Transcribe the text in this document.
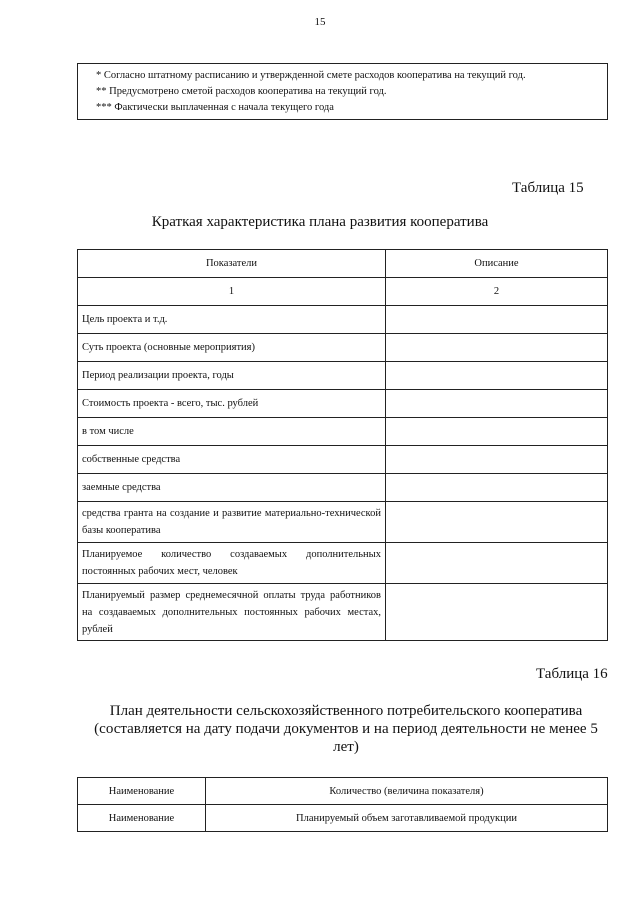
15
* Согласно штатному расписанию и утвержденной смете расходов кооператива на текущий год.
** Предусмотрено сметой расходов кооператива на текущий год.
*** Фактически выплаченная с начала текущего года
Таблица 15
Краткая характеристика плана развития кооператива
Показатели	Описание
1	2
Цель проекта и т.д.	
Суть проекта (основные мероприятия)	
Период реализации проекта, годы	
Стоимость проекта - всего, тыс. рублей	
в том числе	
собственные средства	
заемные средства	
средства гранта на создание и развитие материально-технической базы кооператива	
Планируемое количество создаваемых дополнительных постоянных рабочих мест, человек	
Планируемый размер среднемесячной оплаты труда работников на создаваемых дополнительных постоянных рабочих местах, рублей	
Таблица 16
План деятельности сельскохозяйственного потребительского кооператива (составляется на дату подачи документов и на период деятельности не менее 5 лет)
Наименование	Количество (величина показателя)
Наименование	Планируемый объем заготавливаемой продукции
